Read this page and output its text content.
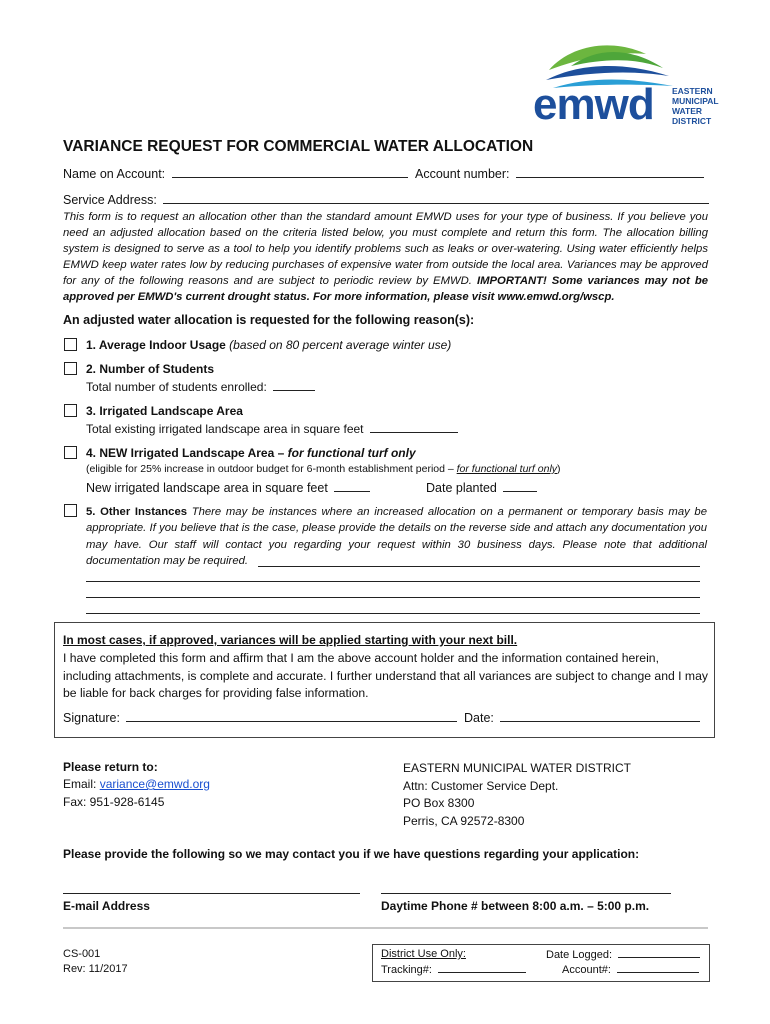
emwd EASTERN
MUNICIPAL
WATER
DISTRICT
VARIANCE REQUEST FOR COMMERCIAL WATER ALLOCATION
Name on Account:	Account number:
Service Address:
This form is to request an allocation other than the standard amount EMWD uses for your type of business. If you believe you need an adjusted allocation based on the criteria listed below, you must complete and return this form. The allocation billing system is designed to serve as a tool to help you identify problems such as leaks or over-watering. Using water efficiently helps EMWD keep water rates low by reducing purchases of expensive water from outside the local area. Variances may be approved for any of the following reasons and are subject to periodic review by EMWD. IMPORTANT! Some variances may not be approved per EMWD's current drought status. For more information, please visit www.emwd.org/wscp.
An adjusted water allocation is requested for the following reason(s):
1. Average Indoor Usage (based on 80 percent average winter use)
2. Number of Students
Total number of students enrolled:
3. Irrigated Landscape Area
Total existing irrigated landscape area in square feet
4. NEW Irrigated Landscape Area – for functional turf only
(eligible for 25% increase in outdoor budget for 6-month establishment period – for functional turf only)
New irrigated landscape area in square feet	Date planted
5. Other Instances There may be instances where an increased allocation on a permanent or temporary basis may be appropriate. If you believe that is the case, please provide the details on the reverse side and attach any documentation you may have. Our staff will contact you regarding your request within 30 business days. Please note that additional documentation may be required.
In most cases, if approved, variances will be applied starting with your next bill.
I have completed this form and affirm that I am the above account holder and the information contained herein, including attachments, is complete and accurate. I further understand that all variances are subject to change and I may be liable for back charges for providing false information.
Signature:	Date:
Please return to:
Email: variance@emwd.org
Fax: 951-928-6145
EASTERN MUNICIPAL WATER DISTRICT
Attn: Customer Service Dept.
PO Box 8300
Perris, CA 92572-8300
Please provide the following so we may contact you if we have questions regarding your application:
E-mail Address	Daytime Phone # between 8:00 a.m. – 5:00 p.m.
CS-001
Rev: 11/2017
District Use Only:
Tracking#:
Date Logged:
Account#:
